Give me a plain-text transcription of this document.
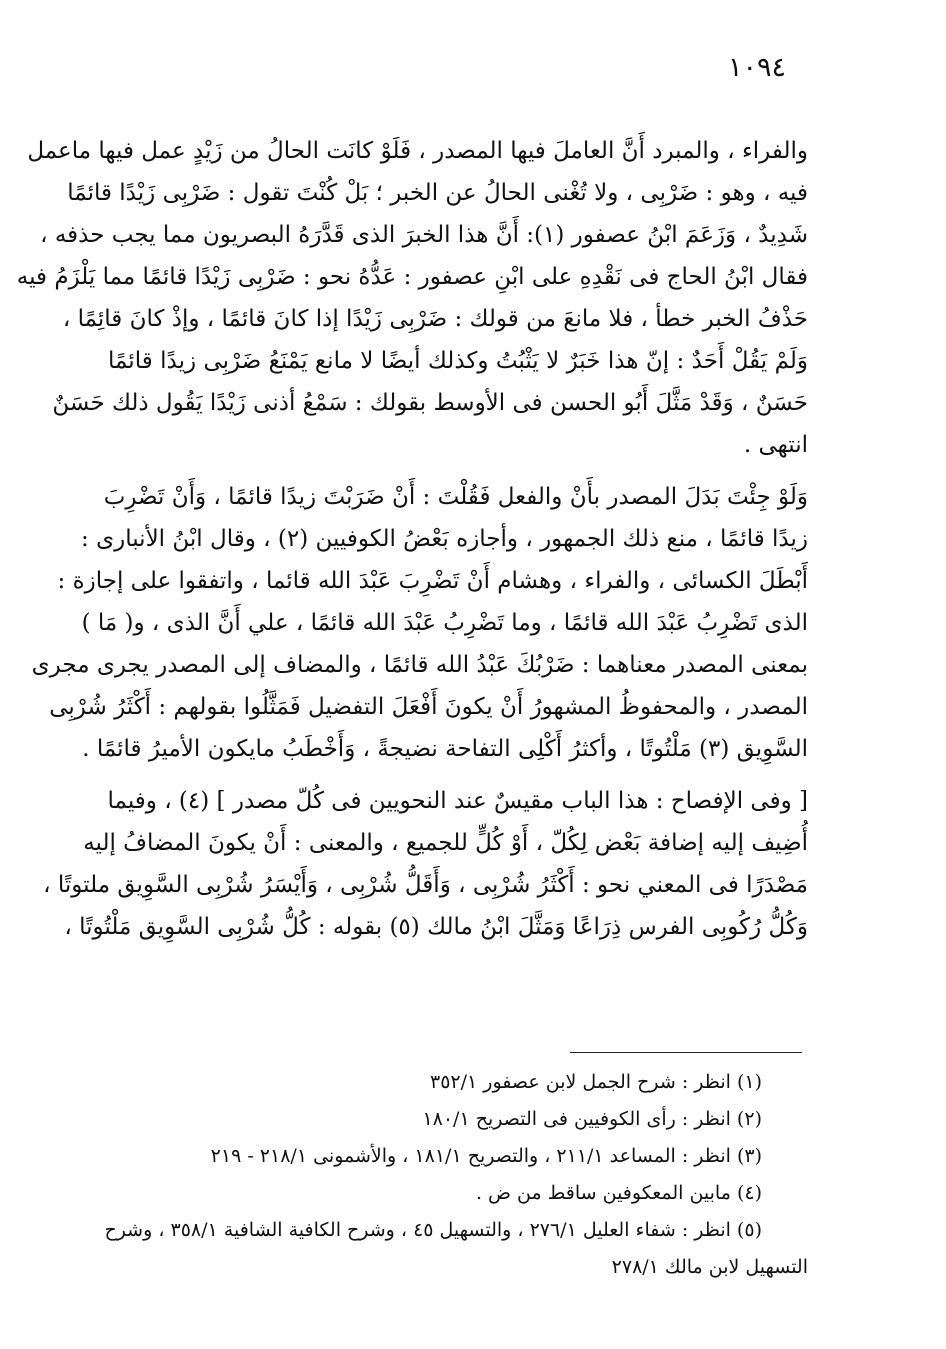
١٠٩٤
والفراء ، والمبرد أَنَّ العاملَ فيها المصدر ، فَلَوْ كانَت الحالُ من زَيْدٍ عمل فيها ماعمل
فيه ، وهو : ضَرْبِى ، ولا تُغْنى الحالُ عن الخبر ؛ بَلْ كُنْتَ تقول : ضَرْبِى زَيْدًا قائمًا
شَدِيدٌ ، وَزَعَمَ ابْنُ عصفور (١): أَنَّ هذا الخبرَ الذى قَدَّرَهُ البصريون مما يجب حذفه ،
فقال ابْنُ الحاج فى نَقْدِهِ على ابْنِ عصفور : عَدُّهُ نحو : ضَرْبِى زَيْدًا قائمًا مما يَلْزَمُ فيه
حَذْفُ الخبر خطأ ، فلا مانعَ من قولك : ضَرْبِى زَيْدًا إذا كانَ قائمًا ، وإذْ كانَ قائِمًا ،
وَلَمْ يَقُلْ أَحَدٌ : إنّ هذا خَبَرٌ لا يَثْبُتُ وكذلك أيضًا لا مانع يَمْنَعُ ضَرْبِى زيدًا قائمًا
حَسَنٌ ، وَقَدْ مَثَّلَ أَبُو الحسن فى الأوسط بقولك : سَمْعُ أذنى زَيْدًا يَقُول ذلك حَسَنٌ
انتهى .
وَلَوْ جِئْتَ بَدَلَ المصدر بأَنْ والفعل فَقُلْتَ : أَنْ ضَرَبْتَ زيدًا قائمًا ، وَأَنْ تَضْرِبَ
زيدًا قائمًا ، منع ذلك الجمهور ، وأجازه بَعْضُ الكوفيين (٢) ، وقال ابْنُ الأنبارى :
أَبْطَلَ الكسائى ، والفراء ، وهشام أَنْ تَضْرِبَ عَبْدَ الله قائما ، واتفقوا على إجازة :
الذى تَضْرِبُ عَبْدَ الله قائمًا ، وما تَضْرِبُ عَبْدَ الله قائمًا ، علي أَنَّ الذى ، و( مَا )
بمعنى المصدر معناهما : ضَرْبُكَ عَبْدُ الله قائمًا ، والمضاف إلى المصدر يجرى مجرى
المصدر ، والمحفوظُ المشهورُ أَنْ يكونَ أَفْعَلَ التفضيل فَمَثَّلُوا بقولهم : أَكْثَرُ شُرْبِى
السَّوِيق (٣) مَلْتُوتًا ، وأكثرُ أَكْلِى التفاحة نضيجةً ، وَأَخْطَبُ مايكون الأميرُ قائمًا .
[ وفى الإفصاح : هذا الباب مقيسٌ عند النحويين فى كُلّ مصدر ] (٤) ، وفيما
أُضِيف إليه إضافة بَعْض لِكُلّ ، أَوْ كُلٍّ للجميع ، والمعنى : أَنْ يكونَ المضافُ إليه
مَصْدَرًا فى المعني نحو : أَكْثَرُ شُرْبِى ، وَأَقَلُّ شُرْبِى ، وَأَيْسَرُ شُرْبِى السَّوِيق ملتوتًا ،
وَكُلُّ رُكُوبِى الفرس ذِرَاعًا وَمَثَّلَ ابْنُ مالك (٥) بقوله : كُلُّ شُرْبِى السَّوِيق مَلْتُوتًا ،
(١) انظر : شرح الجمل لابن عصفور ٣٥٢/١
(٢) انظر : رأى الكوفيين فى التصريح ١٨٠/١
(٣) انظر : المساعد ٢١١/١ ، والتصريح ١٨١/١ ، والأشمونى ٢١٨/١ - ٢١٩
(٤) مابين المعكوفين ساقط من ض .
(٥) انظر : شفاء العليل ٢٧٦/١ ، والتسهيل ٤٥ ، وشرح الكافية الشافية ٣٥٨/١ ، وشرح
التسهيل لابن مالك ٢٧٨/١
